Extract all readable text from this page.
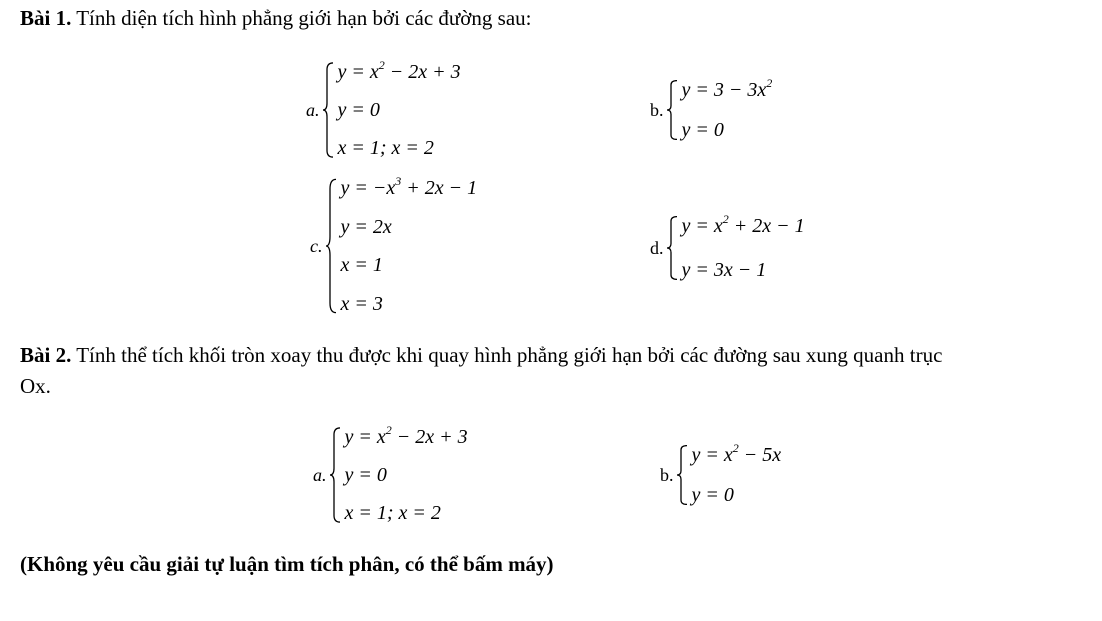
Bài 1. Tính diện tích hình phẳng giới hạn bởi các đường sau:
a.
$y = x^2 - 2x + 3$
y = 0
x = 1; x = 2
b.
$y = 3 - 3x^2$
y = 0
c.
$y = -x^3 + 2x - 1$
y = 2x
x = 1
x = 3
d.
$y = x^2 + 2x - 1$
y = 3x − 1
Bài 2. Tính thể tích khối tròn xoay thu được khi quay hình phẳng giới hạn bởi các đường sau xung quanh trục
Ox.
a.
$y = x^2 - 2x + 3$
y = 0
x = 1; x = 2
b.
$y = x^2 - 5x$
y = 0
(Không yêu cầu giải tự luận tìm tích phân, có thể bấm máy)
